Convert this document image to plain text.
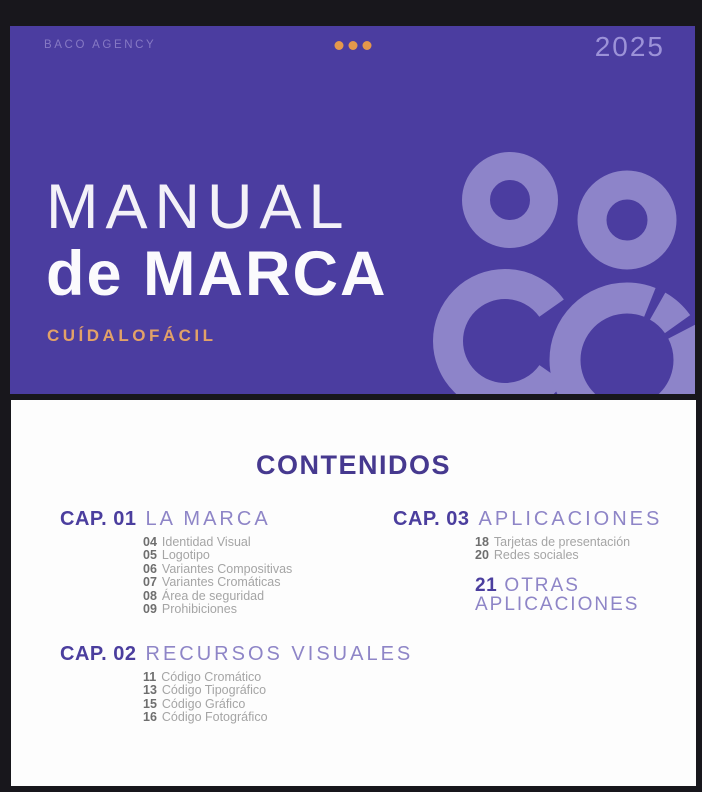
BACO AGENCY	2025
MANUAL
de MARCA
CUÍDALOFÁCIL
CONTENIDOS
CAP. 01 LA MARCA
04 Identidad Visual
05 Logotipo
06 Variantes Compositivas
07 Variantes Cromáticas
08 Área de seguridad
09 Prohibiciones
CAP. 02 RECURSOS VISUALES
11 Código Cromático
13 Código Tipográfico
15 Código Gráfico
16 Código Fotográfico
CAP. 03 APLICACIONES
18 Tarjetas de presentación
20 Redes sociales
21 OTRAS
APLICACIONES
